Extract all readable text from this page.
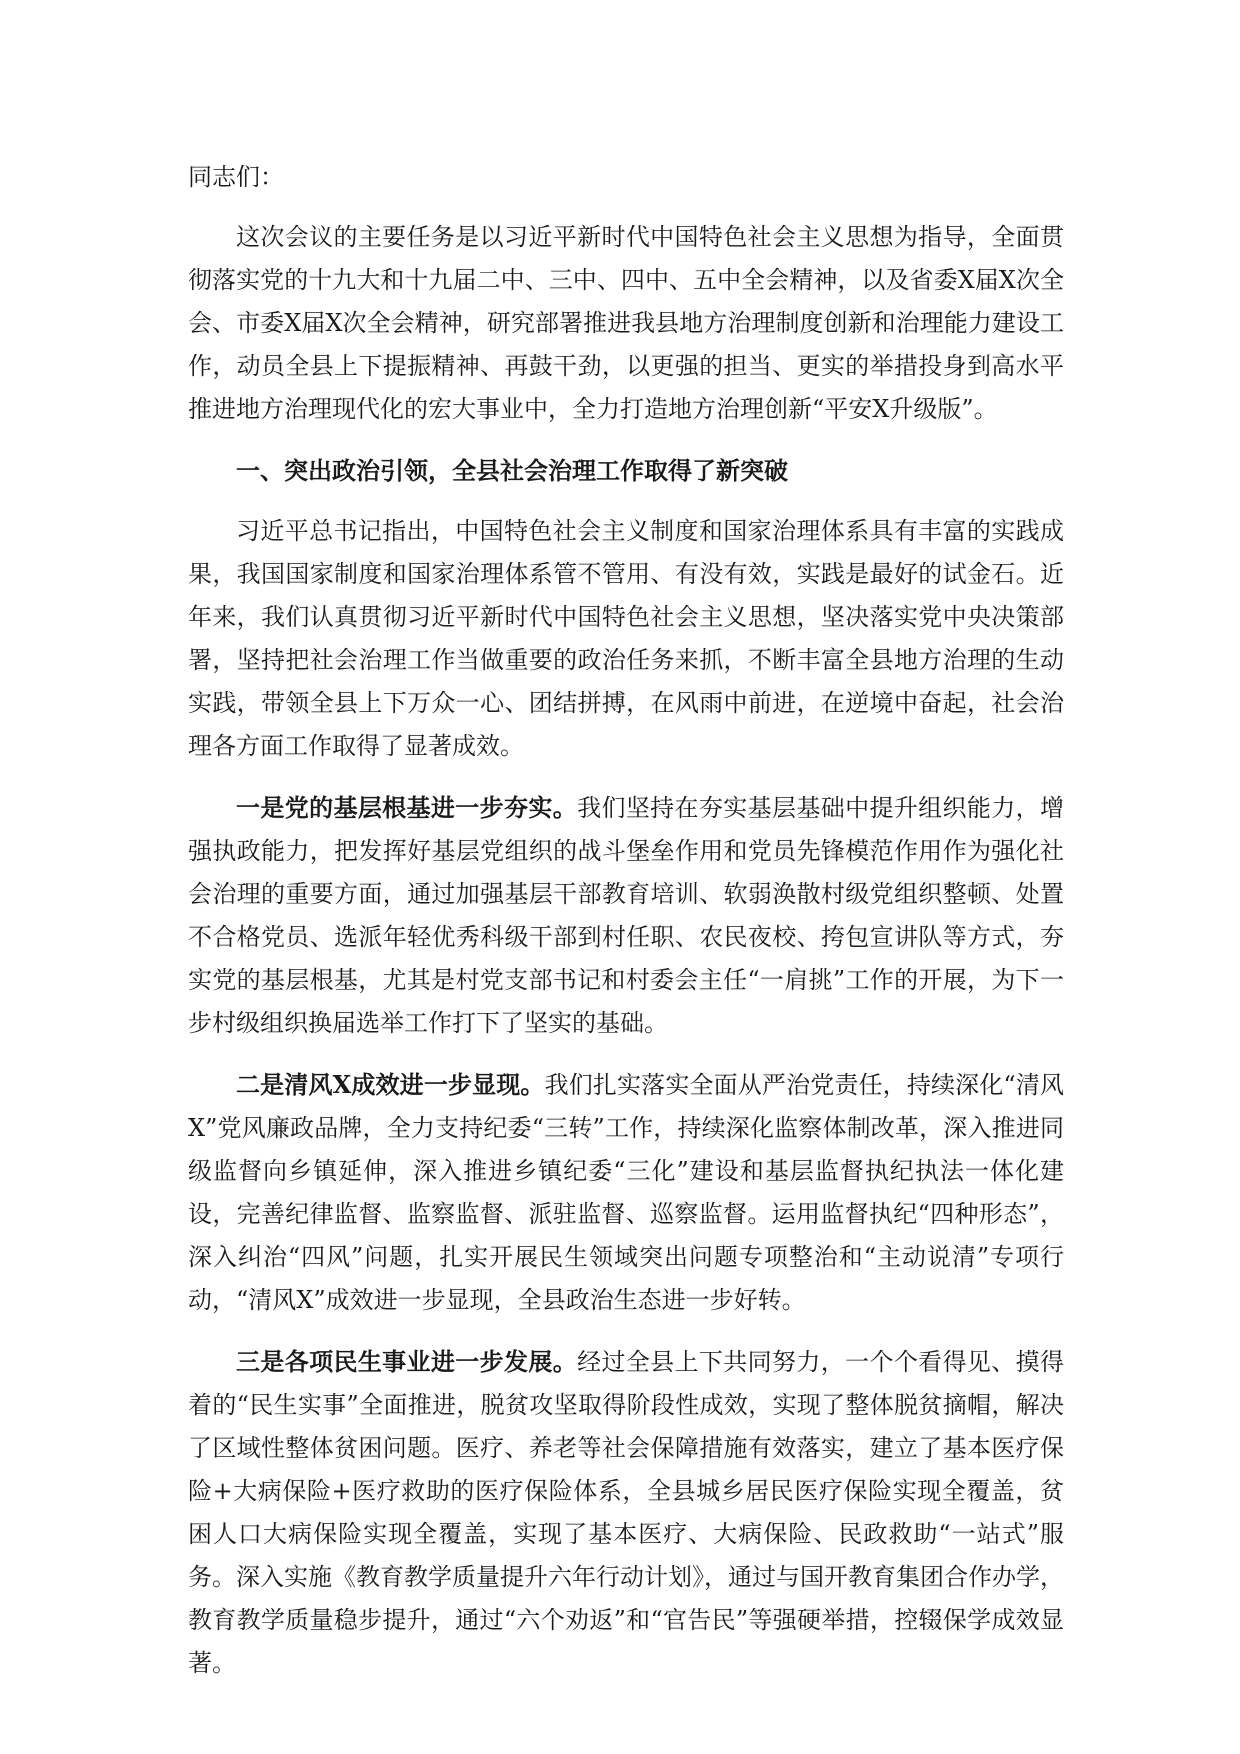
同志们：

这次会议的主要任务是以习近平新时代中国特色社会主义思想为指导，全面贯彻落实党的十九大和十九届二中、三中、四中、五中全会精神，以及省委X届X次全会、市委X届X次全会精神，研究部署推进我县地方治理制度创新和治理能力建设工作，动员全县上下提振精神、再鼓干劲，以更强的担当、更实的举措投身到高水平推进地方治理现代化的宏大事业中，全力打造地方治理创新“平安X升级版”。

一、突出政治引领，全县社会治理工作取得了新突破

习近平总书记指出，中国特色社会主义制度和国家治理体系具有丰富的实践成果，我国国家制度和国家治理体系管不管用、有没有效，实践是最好的试金石。近年来，我们认真贯彻习近平新时代中国特色社会主义思想，坚决落实党中央决策部署，坚持把社会治理工作当做重要的政治任务来抓，不断丰富全县地方治理的生动实践，带领全县上下万众一心、团结拼搏，在风雨中前进，在逆境中奋起，社会治理各方面工作取得了显著成效。

一是党的基层根基进一步夯实。我们坚持在夯实基层基础中提升组织能力，增强执政能力，把发挥好基层党组织的战斗堡垒作用和党员先锋模范作用作为强化社会治理的重要方面，通过加强基层干部教育培训、软弱涣散村级党组织整顿、处置不合格党员、选派年轻优秀科级干部到村任职、农民夜校、挎包宣讲队等方式，夯实党的基层根基，尤其是村党支部书记和村委会主任“一肩挑”工作的开展，为下一步村级组织换届选举工作打下了坚实的基础。

二是清风X成效进一步显现。我们扎实落实全面从严治党责任，持续深化“清风X”党风廉政品牌，全力支持纪委“三转”工作，持续深化监察体制改革，深入推进同级监督向乡镇延伸，深入推进乡镇纪委“三化”建设和基层监督执纪执法一体化建设，完善纪律监督、监察监督、派驻监督、巡察监督。运用监督执纪“四种形态”，深入纠治“四风”问题，扎实开展民生领域突出问题专项整治和“主动说清”专项行动，“清风X”成效进一步显现，全县政治生态进一步好转。

三是各项民生事业进一步发展。经过全县上下共同努力，一个个看得见、摸得着的“民生实事”全面推进，脱贫攻坚取得阶段性成效，实现了整体脱贫摘帽，解决了区域性整体贫困问题。医疗、养老等社会保障措施有效落实，建立了基本医疗保险+大病保险+医疗救助的医疗保险体系，全县城乡居民医疗保险实现全覆盖，贫困人口大病保险实现全覆盖，实现了基本医疗、大病保险、民政救助“一站式”服务。深入实施《教育教学质量提升六年行动计划》，通过与国开教育集团合作办学，教育教学质量稳步提升，通过“六个劝返”和“官告民”等强硬举措，控辍保学成效显著。
